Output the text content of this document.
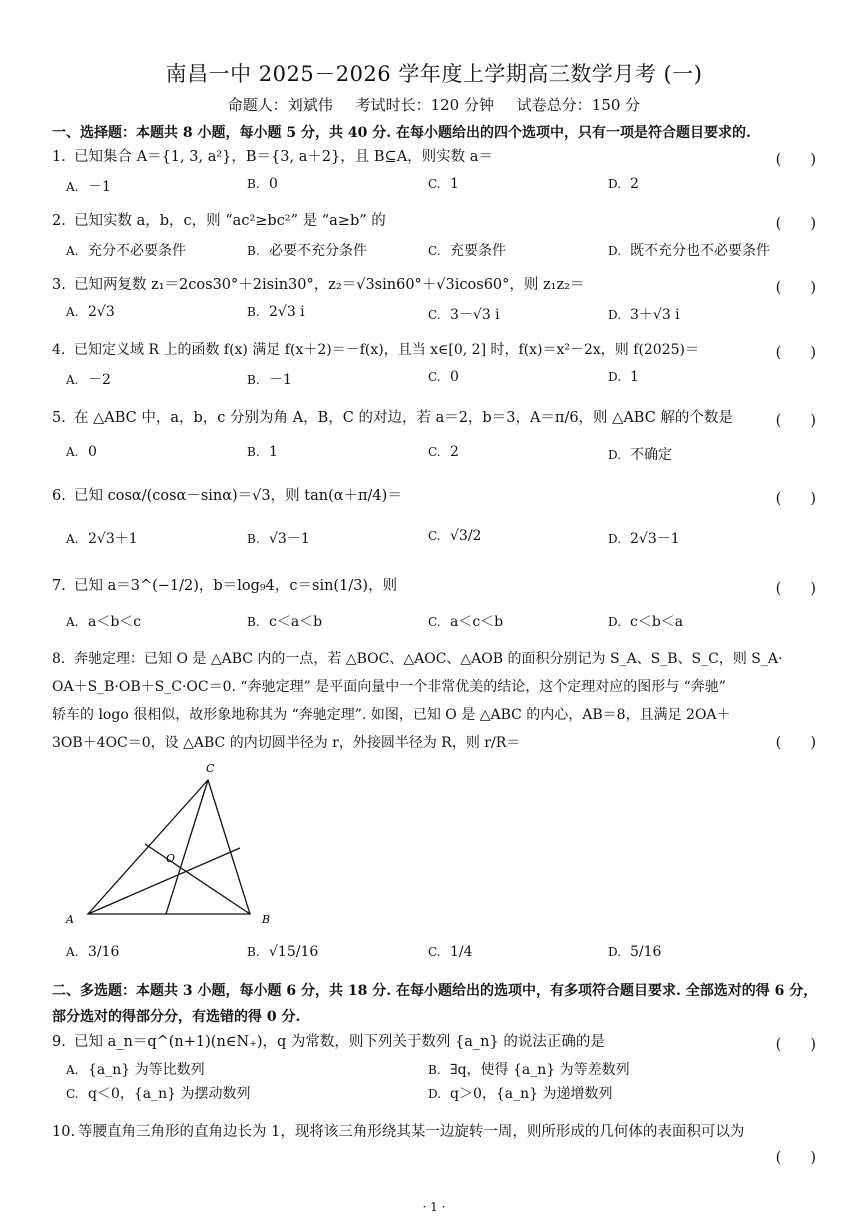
南昌一中 2025－2026 学年度上学期高三数学月考 (一)
命题人：刘斌伟 考试时长：120 分钟 试卷总分：150 分
一、选择题：本题共 8 小题，每小题 5 分，共 40 分. 在每小题给出的四个选项中，只有一项是符合题目要求的.
1. 已知集合 A＝{1, 3, a²}，B＝{3, a＋2}，且 B⊆A，则实数 a＝	(　　)
A. －1	B. 0	C. 1	D. 2
2. 已知实数 a，b，c，则 “ac²≥bc²” 是 “a≥b” 的	(　　)
A. 充分不必要条件	B. 必要不充分条件	C. 充要条件	D. 既不充分也不必要条件
3. 已知两复数 z₁＝2cos30°＋2isin30°，z₂＝√3sin60°＋√3icos60°，则 z₁z₂＝	(　　)
A. 2√3	B. 2√3 i	C. 3－√3 i	D. 3＋√3 i
4. 已知定义域 R 上的函数 f(x) 满足 f(x＋2)＝－f(x)，且当 x∈[0, 2] 时，f(x)＝x²－2x，则 f(2025)＝	(　　)
A. －2	B. －1	C. 0	D. 1
5. 在 △ABC 中，a，b，c 分别为角 A，B，C 的对边，若 a＝2，b＝3，A＝π/6，则 △ABC 解的个数是	(　　)
A. 0	B. 1	C. 2	D. 不确定
6. 已知 cosα/(cosα－sinα)＝√3，则 tan(α＋π/4)＝	(　　)
A. 2√3＋1	B. √3－1	C. √3/2	D. 2√3－1
7. 已知 a＝3^(−1/2)，b＝log₉4，c＝sin(1/3)，则	(　　)
A. a＜b＜c	B. c＜a＜b	C. a＜c＜b	D. c＜b＜a
8. 奔驰定理：已知 O 是 △ABC 内的一点，若 △BOC、△AOC、△AOB 的面积分别记为 S_A、S_B、S_C，则 S_A·
OA＋S_B·OB＋S_C·OC＝0. “奔驰定理” 是平面向量中一个非常优美的结论，这个定理对应的图形与 “奔驰”
轿车的 logo 很相似，故形象地称其为 “奔驰定理”. 如图，已知 O 是 △ABC 的内心，AB＝8，且满足 2OA＋
3OB＋4OC＝0，设 △ABC 的内切圆半径为 r，外接圆半径为 R，则 r/R＝	(　　)
C
O
A	B
A. 3/16	B. √15/16	C. 1/4	D. 5/16
二、多选题：本题共 3 小题，每小题 6 分，共 18 分. 在每小题给出的选项中，有多项符合题目要求. 全部选对的得 6 分，部分选对的得部分分，有选错的得 0 分.
9. 已知 a_n＝q^(n+1)(n∈N₊)，q 为常数，则下列关于数列 {a_n} 的说法正确的是	(　　)
A. {a_n} 为等比数列	B. ∃q，使得 {a_n} 为等差数列
C. q＜0，{a_n} 为摆动数列	D. q＞0，{a_n} 为递增数列
10. 等腰直角三角形的直角边长为 1，现将该三角形绕其某一边旋转一周，则所形成的几何体的表面积可以为
(　　)
· 1 ·
